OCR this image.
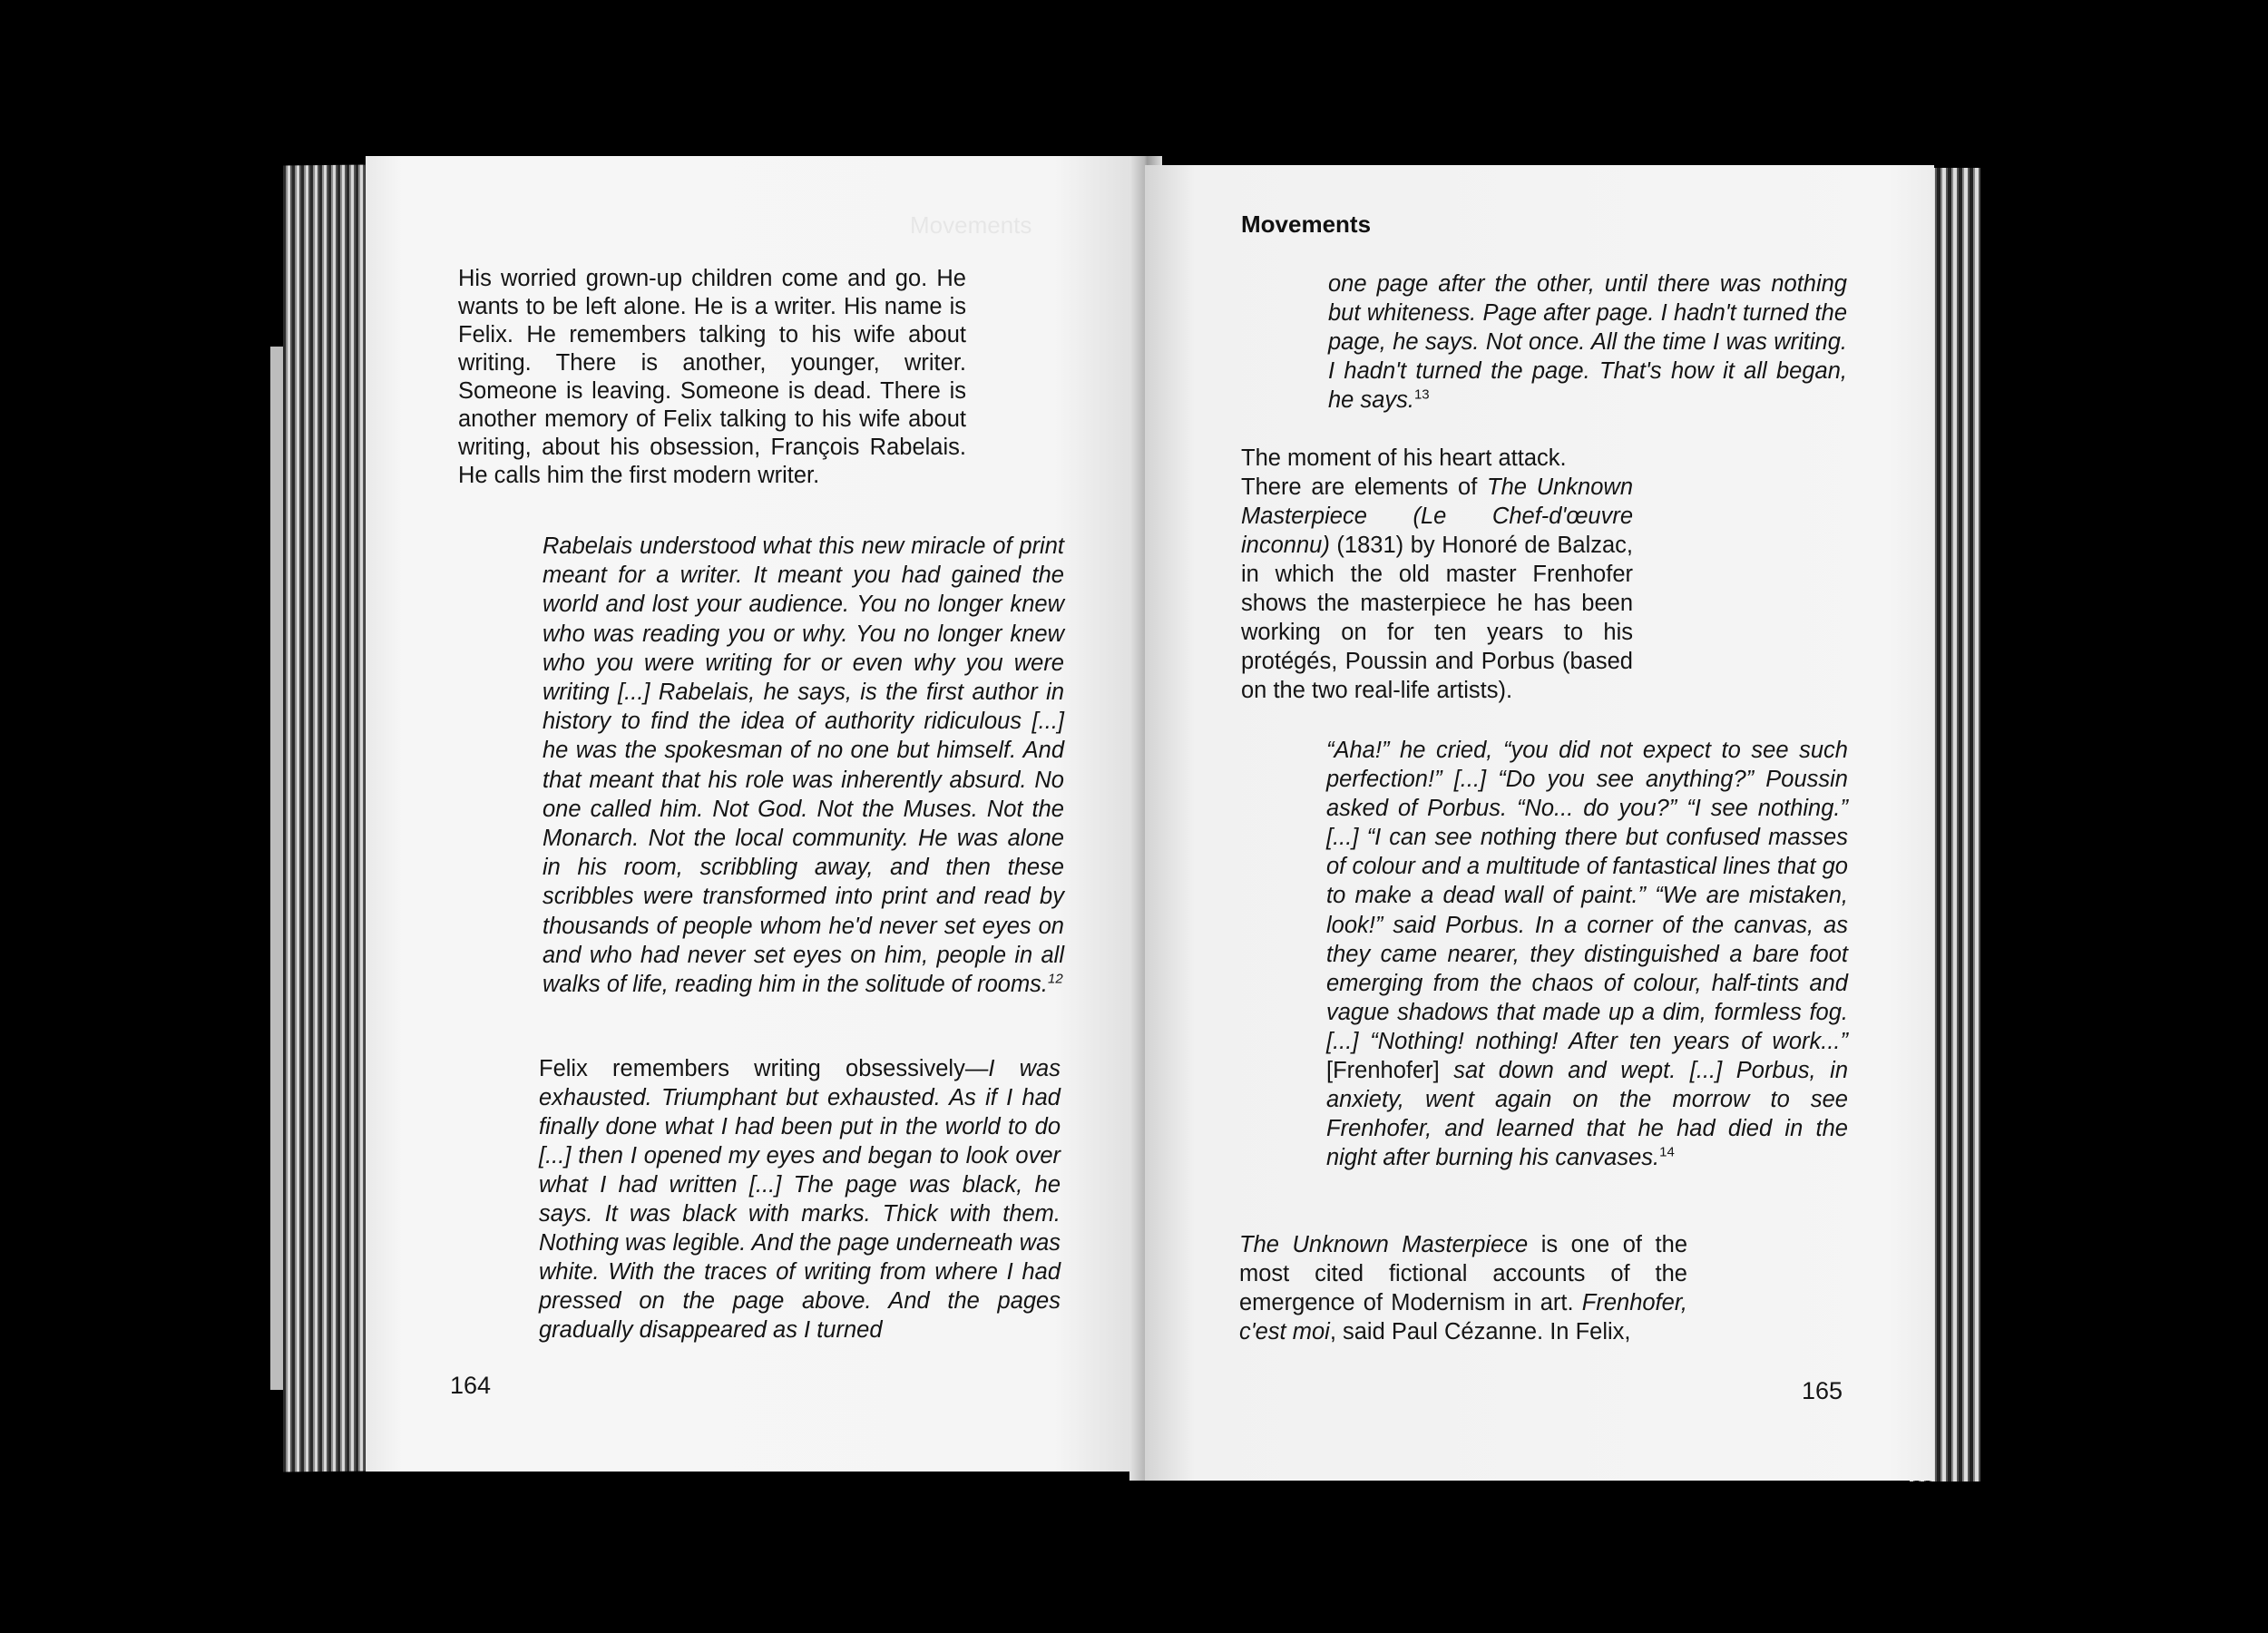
Movements	Movements

His worried grown-up children come and go. He wants to be left alone. He is a writer. His name is Felix. He remembers talking to his wife about writing. There is another, younger, writer. Someone is leaving. Someone is dead. There is another memory of Felix talking to his wife about writing, about his obsession, François Rabelais. He calls him the first modern writer.

Rabelais understood what this new miracle of print meant for a writer. It meant you had gained the world and lost your audience. You no longer knew who was reading you or why. You no longer knew who you were writing for or even why you were writing [...] Rabelais, he says, is the first author in history to find the idea of authority ridiculous [...] he was the spokesman of no one but himself. And that meant that his role was inherently absurd. No one called him. Not God. Not the Muses. Not the Monarch. Not the local community. He was alone in his room, scribbling away, and then these scribbles were transformed into print and read by thousands of people whom he'd never set eyes on and who had never set eyes on him, people in all walks of life, reading him in the solitude of rooms.$^{12}$

Felix remembers writing obsessively—I was exhausted. Triumphant but exhausted. As if I had finally done what I had been put in the world to do [...] then I opened my eyes and began to look over what I had written [...] The page was black, he says. It was black with marks. Thick with them. Nothing was legible. And the page underneath was white. With the traces of writing from where I had pressed on the page above. And the pages gradually disappeared as I turned

164

one page after the other, until there was nothing but whiteness. Page after page. I hadn't turned the page, he says. Not once. All the time I was writing. I hadn't turned the page. That's how it all began, he says.$^{13}$

The moment of his heart attack.

There are elements of The Unknown Masterpiece (Le Chef-d'œuvre inconnu) (1831) by Honoré de Balzac, in which the old master Frenhofer shows the masterpiece he has been working on for ten years to his protégés, Poussin and Porbus (based on the two real-life artists).

“Aha!” he cried, “you did not expect to see such perfection!” [...] “Do you see anything?” Poussin asked of Porbus. “No... do you?” “I see nothing.” [...] “I can see nothing there but confused masses of colour and a multitude of fantastical lines that go to make a dead wall of paint.” “We are mistaken, look!” said Porbus. In a corner of the canvas, as they came nearer, they distinguished a bare foot emerging from the chaos of colour, half-tints and vague shadows that made up a dim, formless fog. [...] “Nothing! nothing! After ten years of work...” [Frenhofer] sat down and wept. [...] Porbus, in anxiety, went again on the morrow to see Frenhofer, and learned that he had died in the night after burning his canvases.$^{14}$

The Unknown Masterpiece is one of the most cited fictional accounts of the emergence of Modernism in art. Frenhofer, c'est moi, said Paul Cézanne. In Felix,

165
